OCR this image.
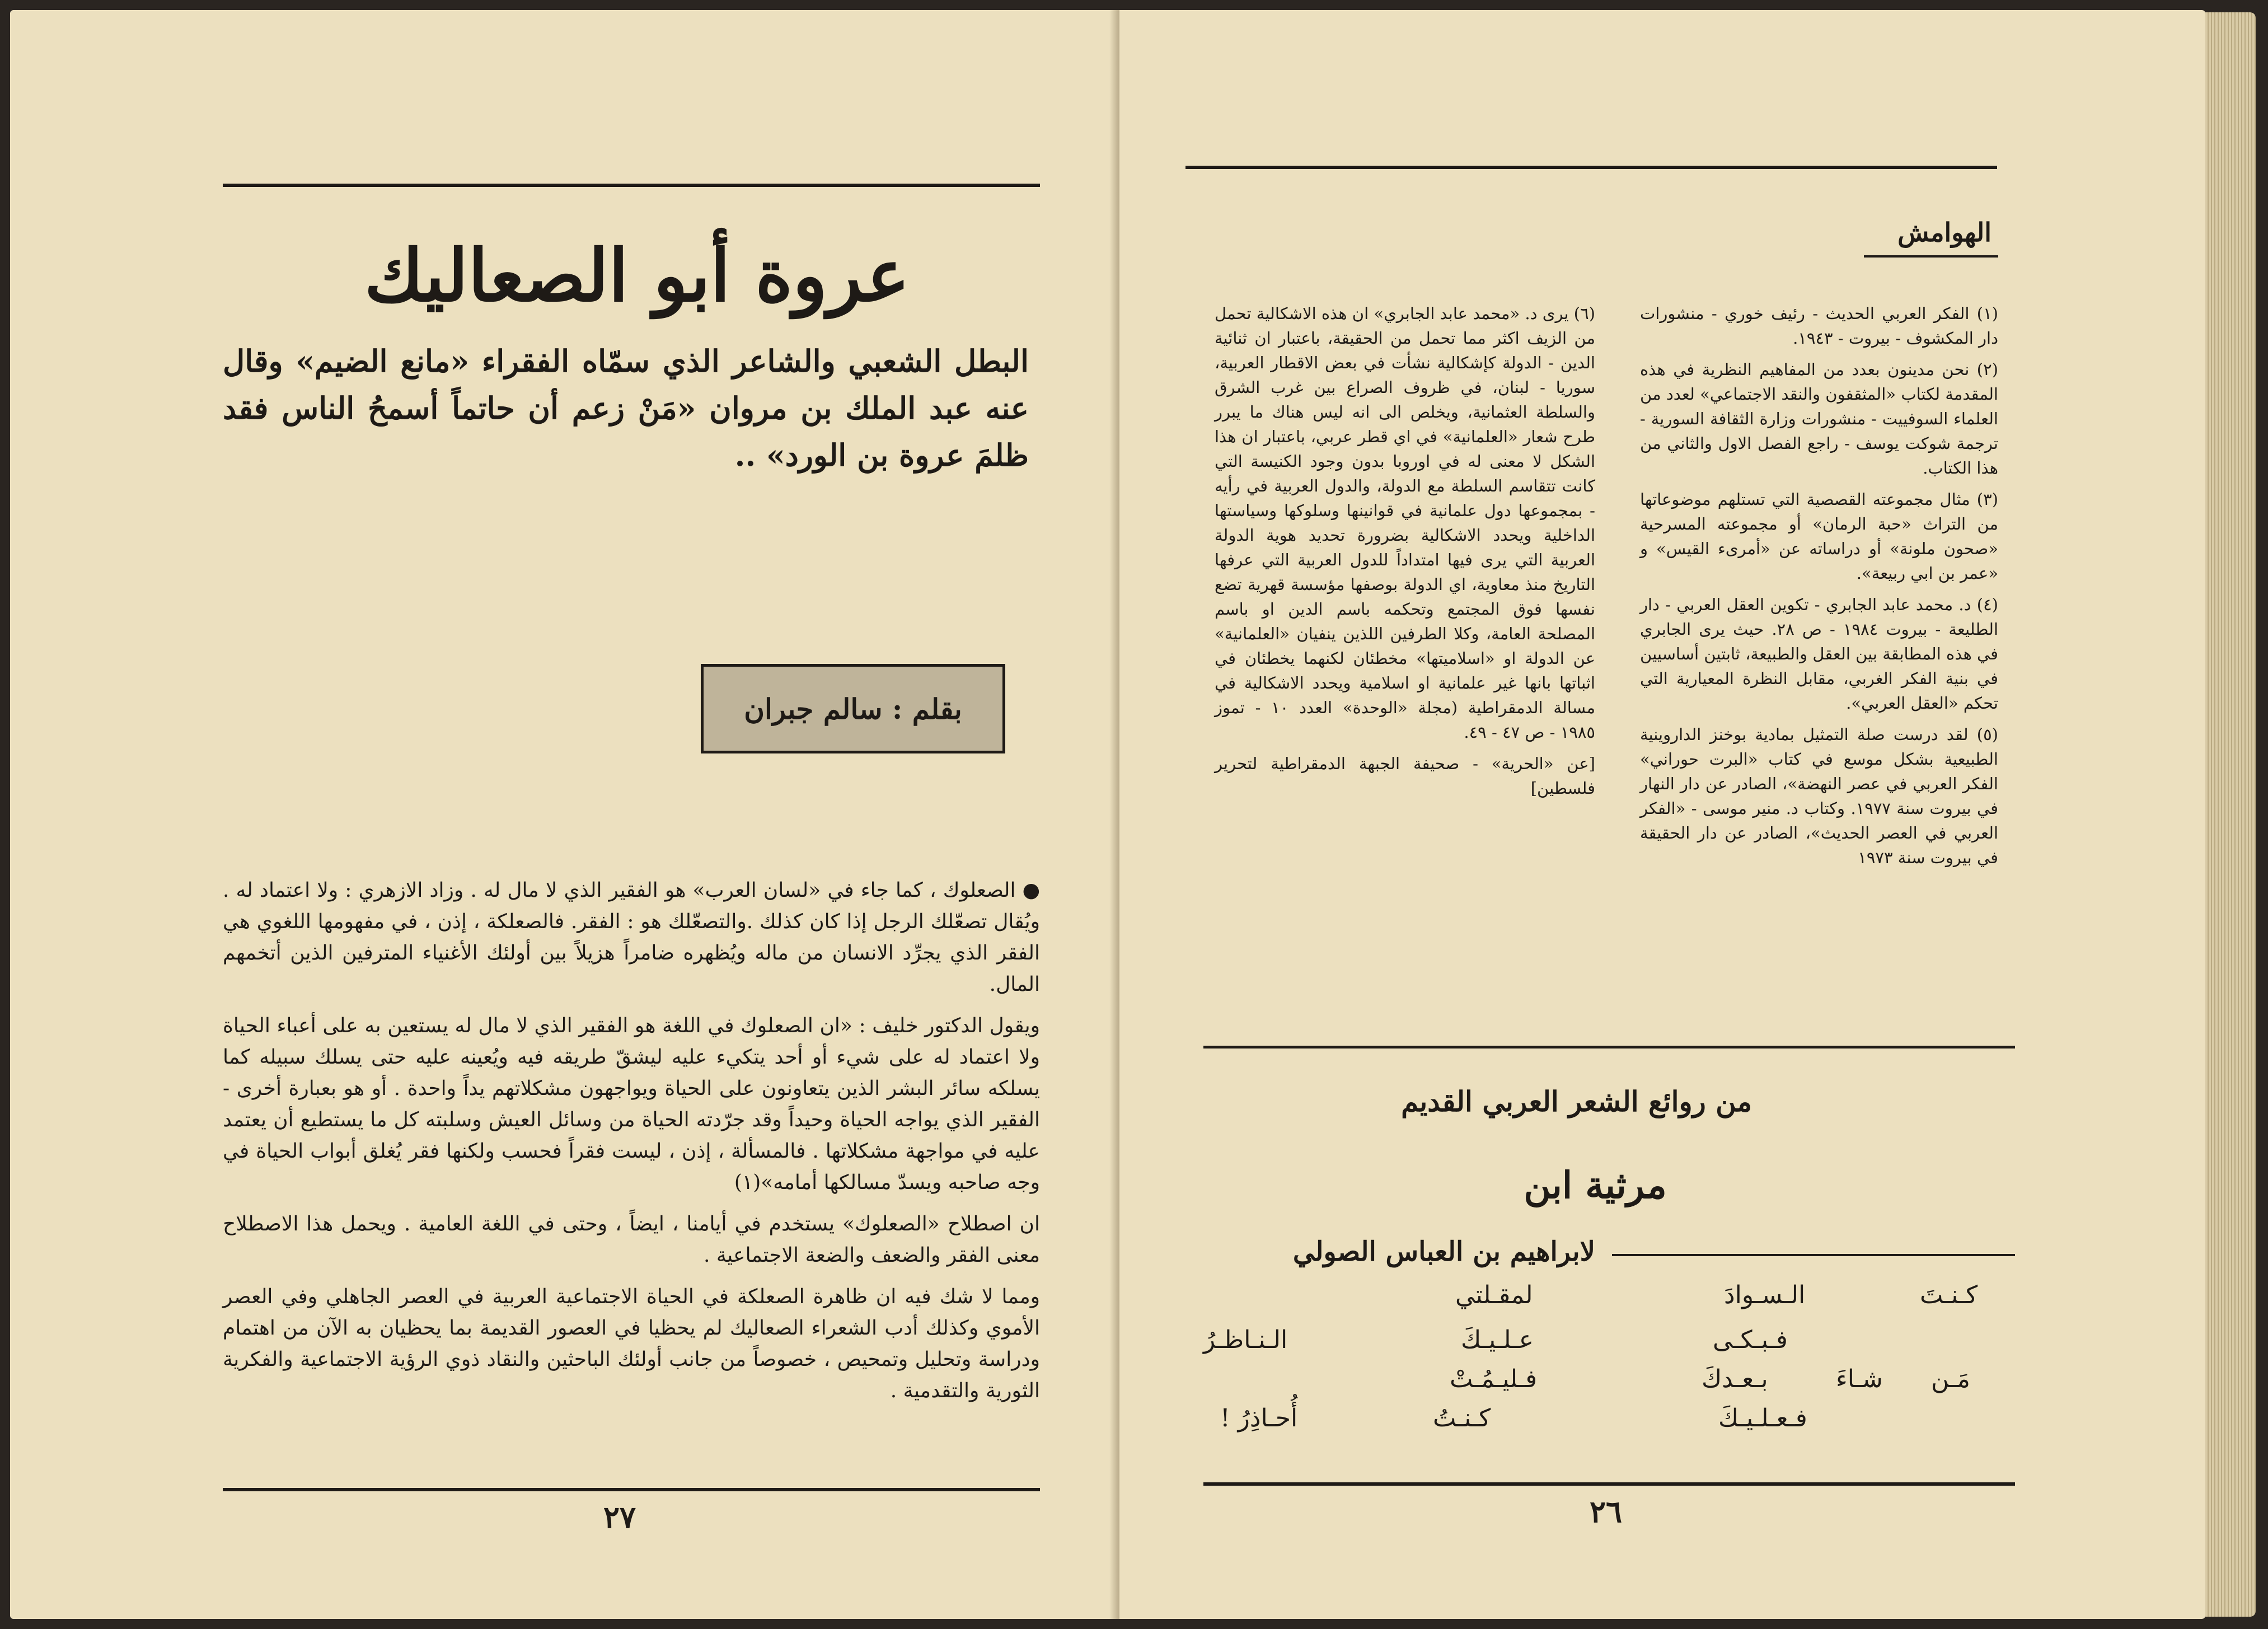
عروة أبو الصعاليك
البطل الشعبي والشاعر الذي سمّاه الفقراء «مانع الضيم» وقال عنه عبد الملك بن مروان «مَنْ زعم أن حاتماً أسمحُ الناس فقد ظلمَ عروة بن الورد» ..
بقلم : سالم جبران

● الصعلوك ، كما جاء في «لسان العرب» هو الفقير الذي لا مال له . وزاد الازهري : ولا اعتماد له . ويُقال تصعّلك الرجل إذا كان كذلك .والتصعّلك هو : الفقر. فالصعلكة ، إذن ، في مفهومها اللغوي هي الفقر الذي يجرِّد الانسان من ماله ويُظهره ضامراً هزيلاً بين أولئك الأغنياء المترفين الذين أتخمهم المال.

ويقول الدكتور خليف : «ان الصعلوك في اللغة هو الفقير الذي لا مال له يستعين به على أعباء الحياة ولا اعتماد له على شيء أو أحد يتكيء عليه ليشقّ طريقه فيه ويُعينه عليه حتى يسلك سبيله كما يسلكه سائر البشر الذين يتعاونون على الحياة ويواجهون مشكلاتهم يداً واحدة . أو هو بعبارة أخرى - الفقير الذي يواجه الحياة وحيداً وقد جرّدته الحياة من وسائل العيش وسلبته كل ما يستطيع أن يعتمد عليه في مواجهة مشكلاتها . فالمسألة ، إذن ، ليست فقراً فحسب ولكنها فقر يُغلق أبواب الحياة في وجه صاحبه ويسدّ مسالكها أمامه»(١)

ان اصطلاح «الصعلوك» يستخدم في أيامنا ، ايضاً ، وحتى في اللغة العامية . ويحمل هذا الاصطلاح معنى الفقر والضعف والضعة الاجتماعية .

ومما لا شك فيه ان ظاهرة الصعلكة في الحياة الاجتماعية العربية في العصر الجاهلي وفي العصر الأموي وكذلك أدب الشعراء الصعاليك لم يحظيا في العصور القديمة بما يحظيان به الآن من اهتمام ودراسة وتحليل وتمحيص ، خصوصاً من جانب أولئك الباحثين والنقاد ذوي الرؤية الاجتماعية والفكرية الثورية والتقدمية .

٢٧
الهوامش

(١) الفكر العربي الحديث - رئيف خوري - منشورات دار المكشوف - بيروت - ١٩٤٣.

(٢) نحن مدينون بعدد من المفاهيم النظرية في هذه المقدمة لكتاب «المثقفون والنقد الاجتماعي» لعدد من العلماء السوفييت - منشورات وزارة الثقافة السورية - ترجمة شوكت يوسف - راجع الفصل الاول والثاني من هذا الكتاب.

(٣) مثال مجموعته القصصية التي تستلهم موضوعاتها من التراث «حبة الرمان» أو مجموعته المسرحية «صحون ملونة» أو دراساته عن «أمرىء القيس» و «عمر بن ابي ربيعة».

(٤) د. محمد عابد الجابري - تكوين العقل العربي - دار الطليعة - بيروت ١٩٨٤ - ص ٢٨. حيث يرى الجابري في هذه المطابقة بين العقل والطبيعة، ثابتين أساسيين في بنية الفكر الغربي، مقابل النظرة المعيارية التي تحكم «العقل العربي».

(٥) لقد درست صلة التمثيل بمادية بوخنز الداروينية الطبيعية بشكل موسع في كتاب «البرت حوراني» الفكر العربي في عصر النهضة»، الصادر عن دار النهار في بيروت سنة ١٩٧٧. وكتاب د. منير موسى - «الفكر العربي في العصر الحديث»، الصادر عن دار الحقيقة في بيروت سنة ١٩٧٣

(٦) يرى د. «محمد عابد الجابري» ان هذه الاشكالية تحمل من الزيف اكثر مما تحمل من الحقيقة، باعتبار ان ثنائية الدين - الدولة كإشكالية نشأت في بعض الاقطار العربية، سوريا - لبنان، في ظروف الصراع بين غرب الشرق والسلطة العثمانية، ويخلص الى انه ليس هناك ما يبرر طرح شعار «العلمانية» في اي قطر عربي، باعتبار ان هذا الشكل لا معنى له في اوروبا بدون وجود الكنيسة التي كانت تتقاسم السلطة مع الدولة، والدول العربية في رأيه - بمجموعها دول علمانية في قوانينها وسلوكها وسياستها الداخلية ويحدد الاشكالية بضرورة تحديد هوية الدولة العربية التي يرى فيها امتداداً للدول العربية التي عرفها التاريخ منذ معاوية، اي الدولة بوصفها مؤسسة قهرية تضع نفسها فوق المجتمع وتحكمه باسم الدين او باسم المصلحة العامة، وكلا الطرفين اللذين ينفيان «العلمانية» عن الدولة او «اسلاميتها» مخطئان لكنهما يخطئان في اثباتها بانها غير علمانية او اسلامية ويحدد الاشكالية في مسالة الدمقراطية (مجلة «الوحدة» العدد ١٠ - تموز ١٩٨٥ - ص ٤٧ - ٤٩.

[عن «الحرية» - صحيفة الجبهة الدمقراطية لتحرير فلسطين]

من روائع الشعر العربي القديم
مرثية ابن
لابراهيم بن العباس الصولي
كـنـتَ
الـسـوادَ
لمقـلتي
فـبـكـى
عـلـيـكَ
الـنـاظـرُ
مَـن
شـاءَ
بـعـدكَ
فـليـمُـتْ
فـعـلـيـكَ
كـنـتُ
أُحـاذِرُ !
٢٦
